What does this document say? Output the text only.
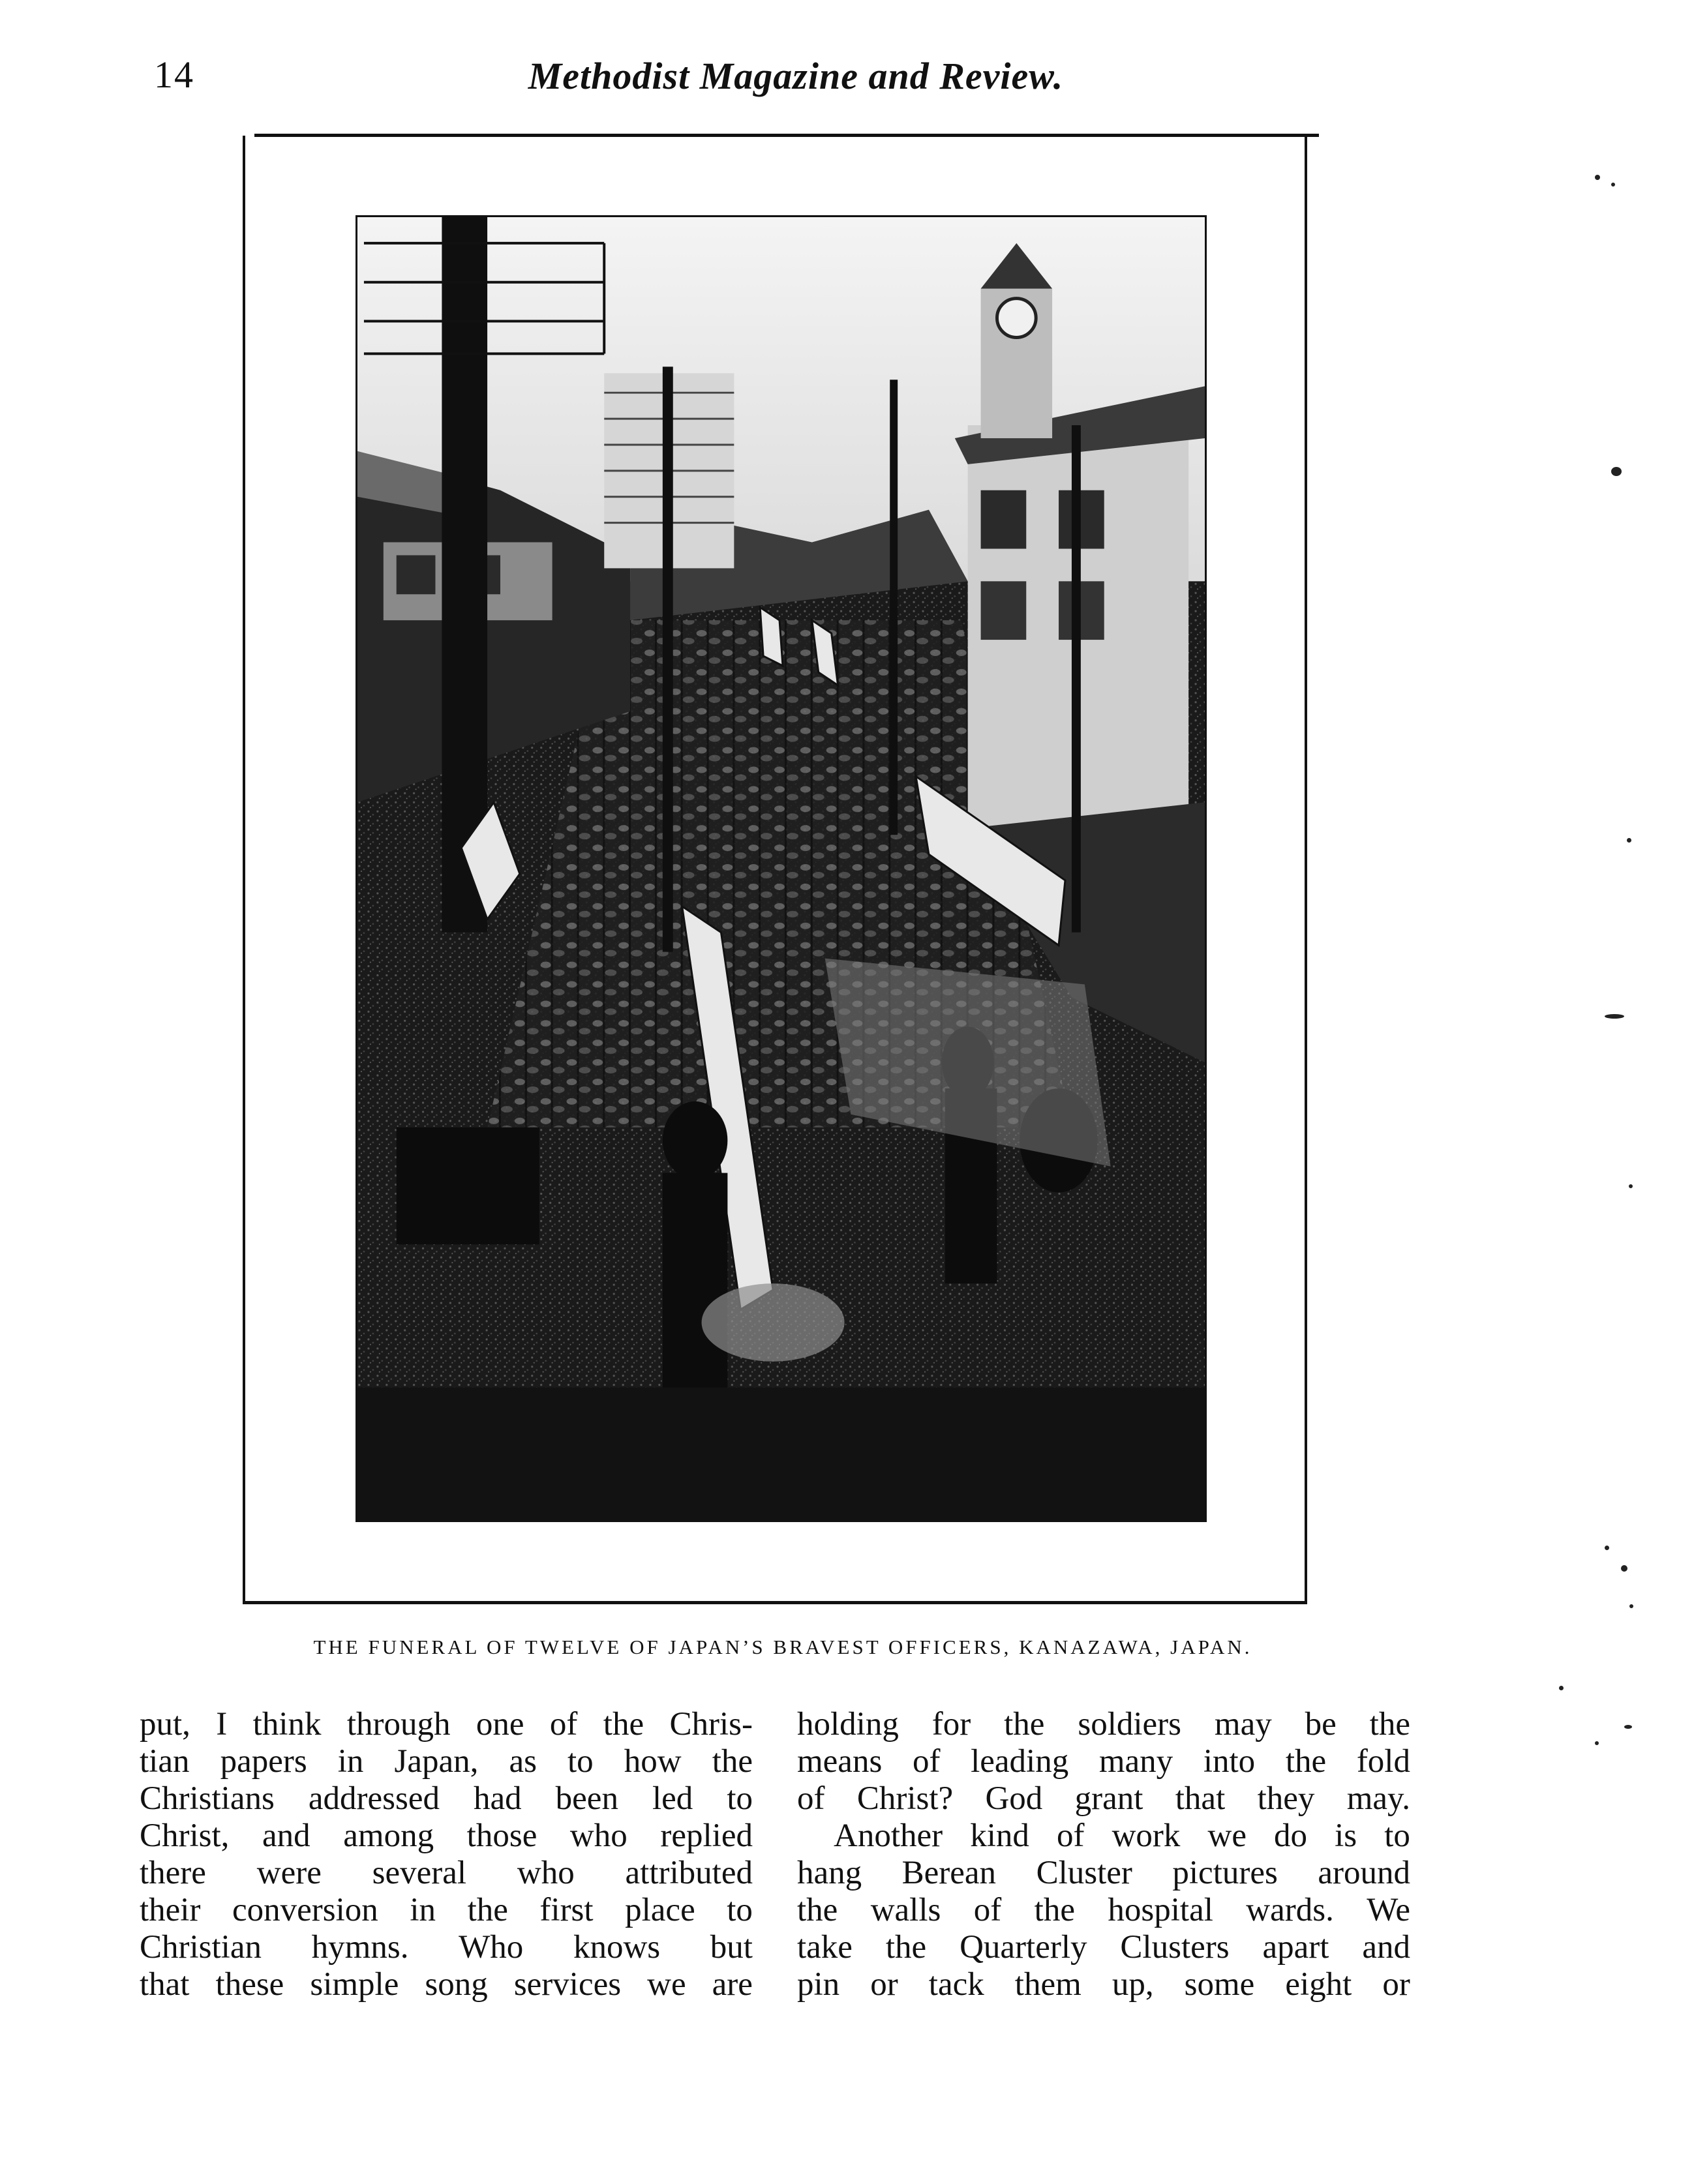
14	Methodist Magazine and Review.
THE FUNERAL OF TWELVE OF JAPAN’S BRAVEST OFFICERS, KANAZAWA, JAPAN.
put, I think through one of the Chris-
tian papers in Japan, as to how the
Christians addressed had been led to
Christ, and among those who replied
there were several who attributed
their conversion in the first place to
Christian hymns. Who knows but
that these simple song services we are
holding for the soldiers may be the
means of leading many into the fold
of Christ? God grant that they may.
Another kind of work we do is to
hang Berean Cluster pictures around
the walls of the hospital wards. We
take the Quarterly Clusters apart and
pin or tack them up, some eight or
